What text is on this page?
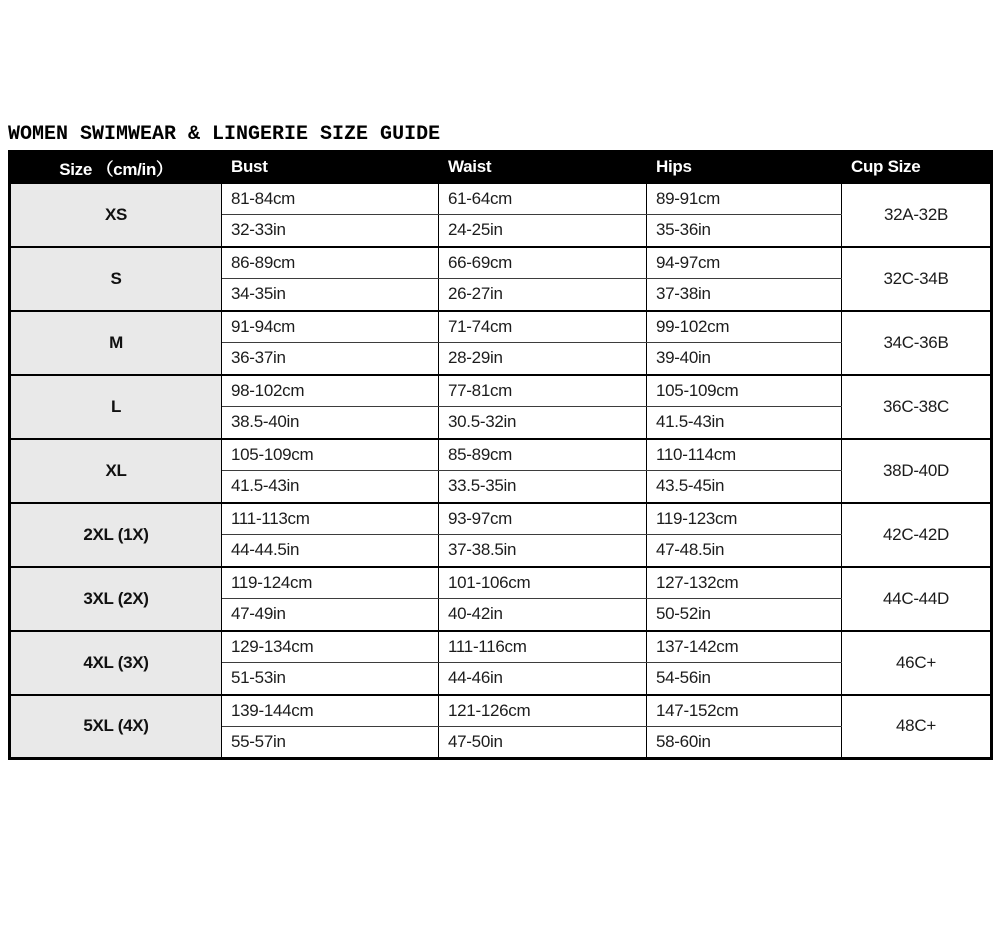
WOMEN SWIMWEAR & LINGERIE SIZE GUIDE
Size （cm/in）	Bust	Waist	Hips	Cup Size
XS	81-84cm	61-64cm	89-91cm	32A-32B
	32-33in	24-25in	35-36in	
S	86-89cm	66-69cm	94-97cm	32C-34B
	34-35in	26-27in	37-38in	
M	91-94cm	71-74cm	99-102cm	34C-36B
	36-37in	28-29in	39-40in	
L	98-102cm	77-81cm	105-109cm	36C-38C
	38.5-40in	30.5-32in	41.5-43in	
XL	105-109cm	85-89cm	110-114cm	38D-40D
	41.5-43in	33.5-35in	43.5-45in	
2XL (1X)	111-113cm	93-97cm	119-123cm	42C-42D
	44-44.5in	37-38.5in	47-48.5in	
3XL (2X)	119-124cm	101-106cm	127-132cm	44C-44D
	47-49in	40-42in	50-52in	
4XL (3X)	129-134cm	111-116cm	137-142cm	46C+
	51-53in	44-46in	54-56in	
5XL (4X)	139-144cm	121-126cm	147-152cm	48C+
	55-57in	47-50in	58-60in	
